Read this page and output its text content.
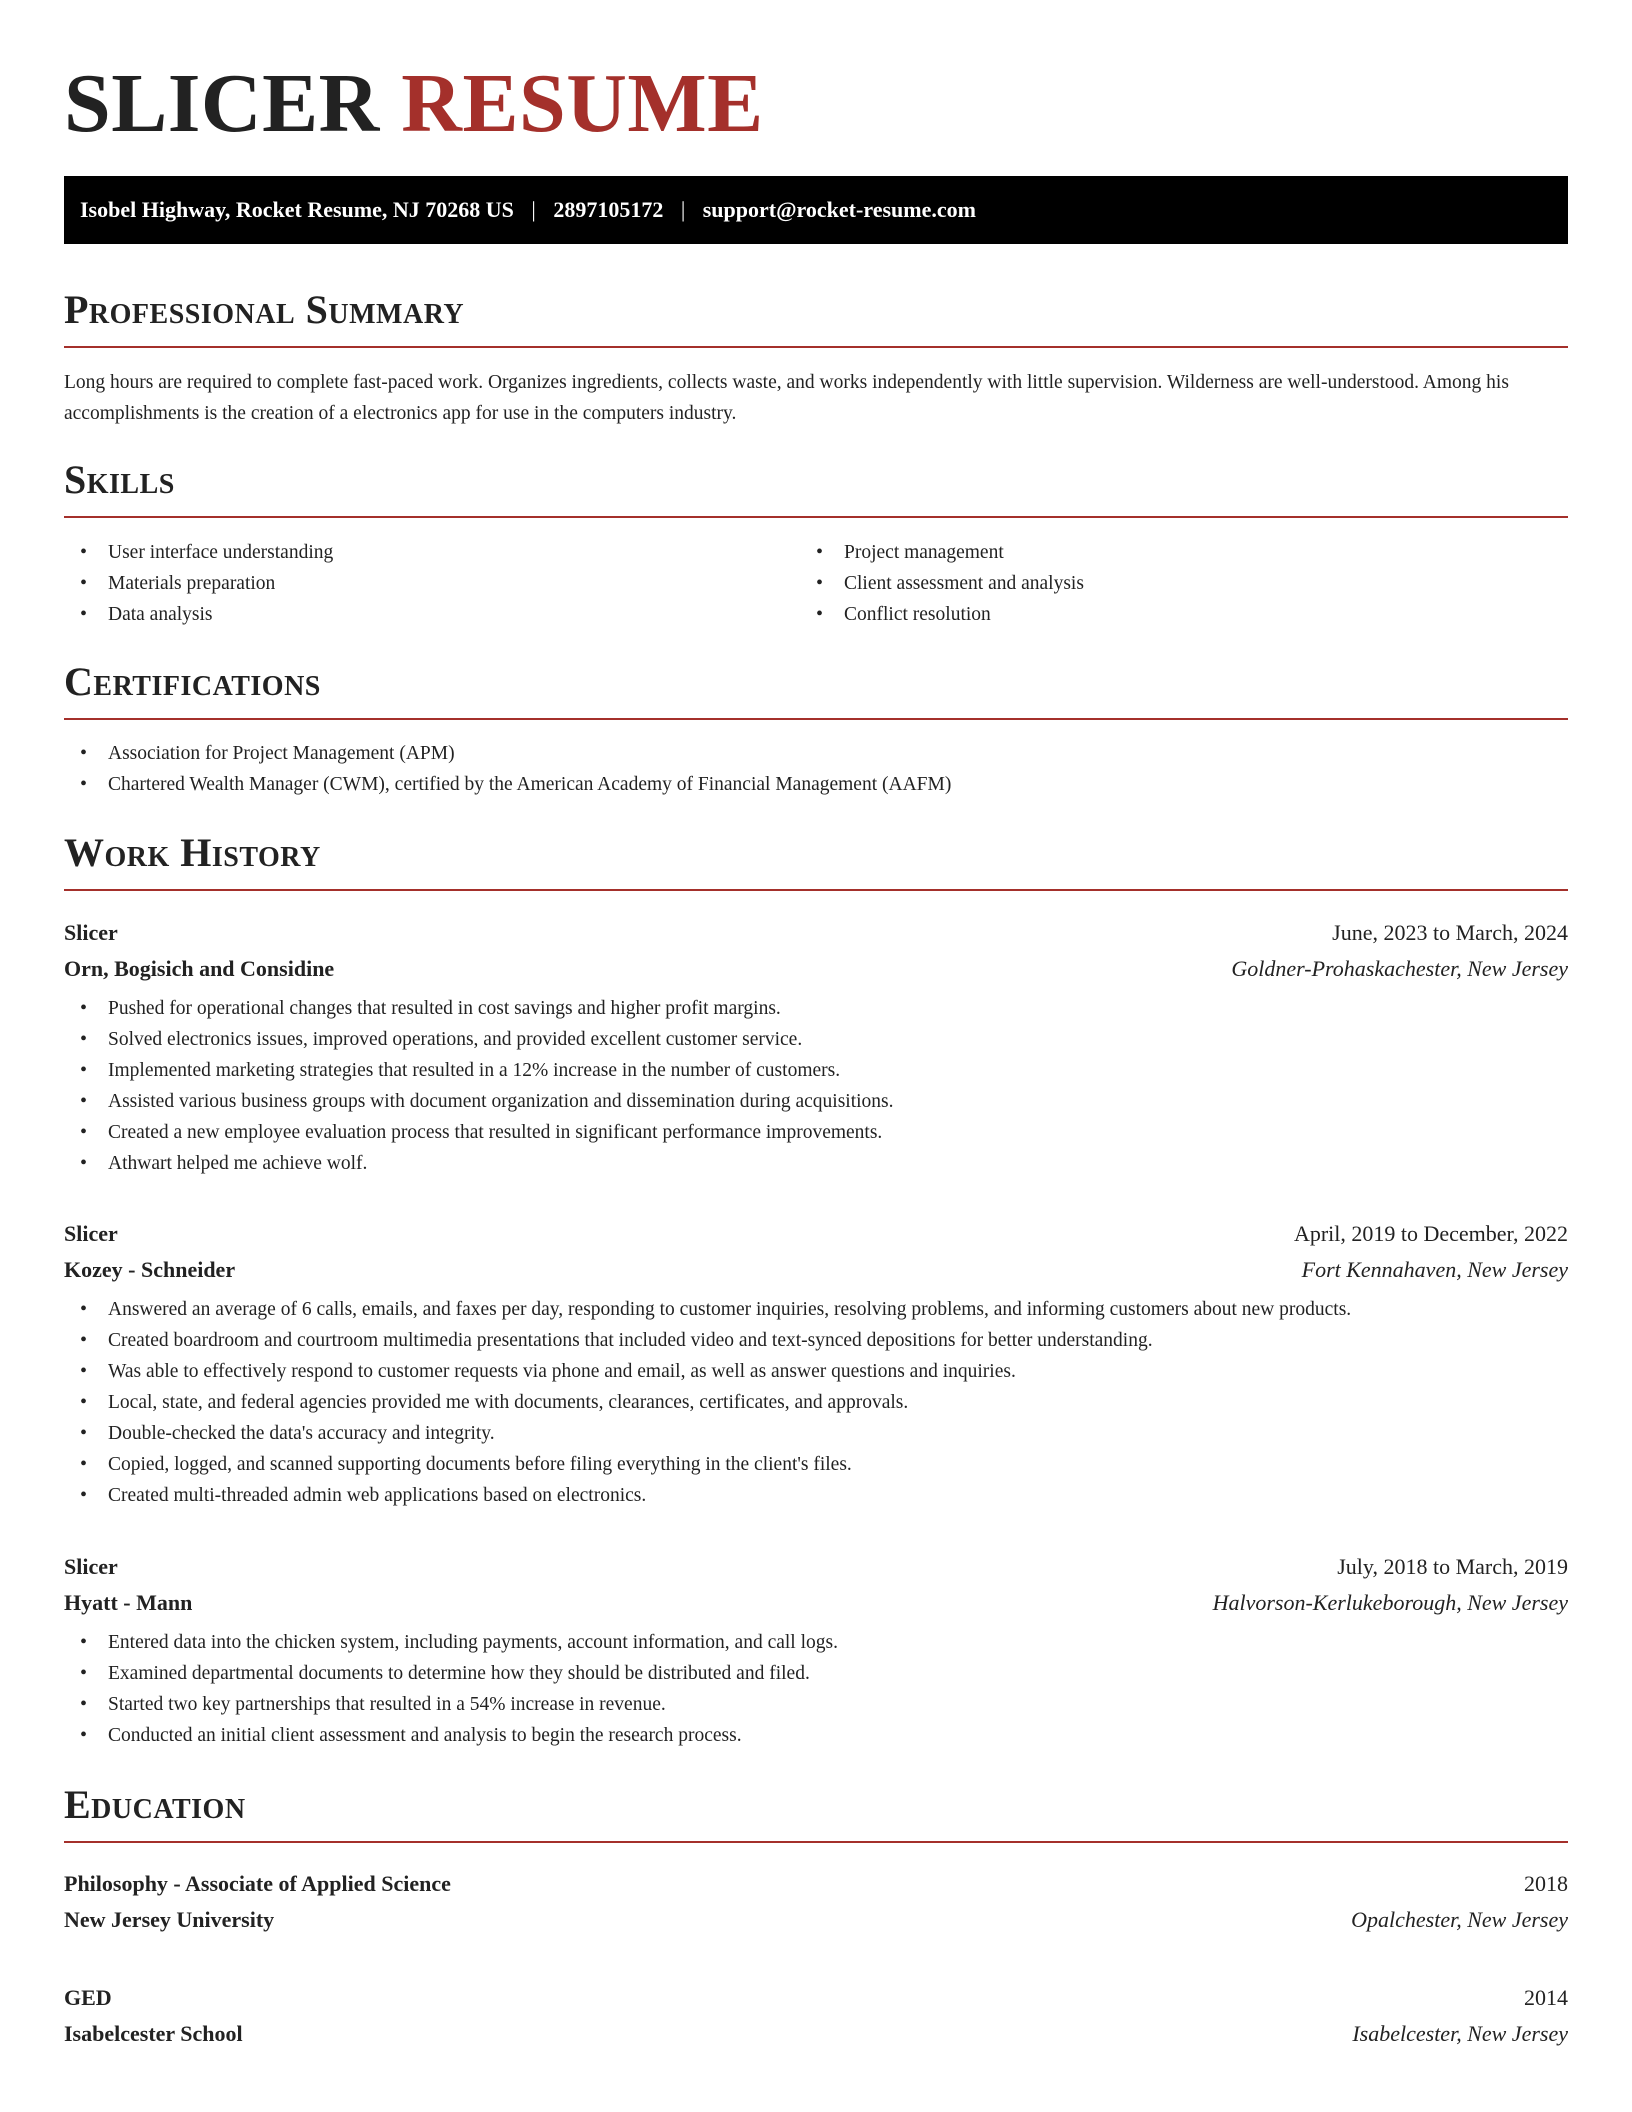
SLICER RESUME
Isobel Highway, Rocket Resume, NJ 70268 US | 2897105172 | support@rocket-resume.com
Professional Summary
Long hours are required to complete fast-paced work. Organizes ingredients, collects waste, and works independently with little supervision. Wilderness are well-understood. Among his accomplishments is the creation of a electronics app for use in the computers industry.
Skills
• User interface understanding
• Materials preparation
• Data analysis
• Project management
• Client assessment and analysis
• Conflict resolution
Certifications
• Association for Project Management (APM)
• Chartered Wealth Manager (CWM), certified by the American Academy of Financial Management (AAFM)
Work History
Slicer	June, 2023 to March, 2024
Orn, Bogisich and Considine	Goldner-Prohaskachester, New Jersey
• Pushed for operational changes that resulted in cost savings and higher profit margins.
• Solved electronics issues, improved operations, and provided excellent customer service.
• Implemented marketing strategies that resulted in a 12% increase in the number of customers.
• Assisted various business groups with document organization and dissemination during acquisitions.
• Created a new employee evaluation process that resulted in significant performance improvements.
• Athwart helped me achieve wolf.
Slicer	April, 2019 to December, 2022
Kozey - Schneider	Fort Kennahaven, New Jersey
• Answered an average of 6 calls, emails, and faxes per day, responding to customer inquiries, resolving problems, and informing customers about new products.
• Created boardroom and courtroom multimedia presentations that included video and text-synced depositions for better understanding.
• Was able to effectively respond to customer requests via phone and email, as well as answer questions and inquiries.
• Local, state, and federal agencies provided me with documents, clearances, certificates, and approvals.
• Double-checked the data's accuracy and integrity.
• Copied, logged, and scanned supporting documents before filing everything in the client's files.
• Created multi-threaded admin web applications based on electronics.
Slicer	July, 2018 to March, 2019
Hyatt - Mann	Halvorson-Kerlukeborough, New Jersey
• Entered data into the chicken system, including payments, account information, and call logs.
• Examined departmental documents to determine how they should be distributed and filed.
• Started two key partnerships that resulted in a 54% increase in revenue.
• Conducted an initial client assessment and analysis to begin the research process.
Education
Philosophy - Associate of Applied Science	2018
New Jersey University	Opalchester, New Jersey
GED	2014
Isabelcester School	Isabelcester, New Jersey
